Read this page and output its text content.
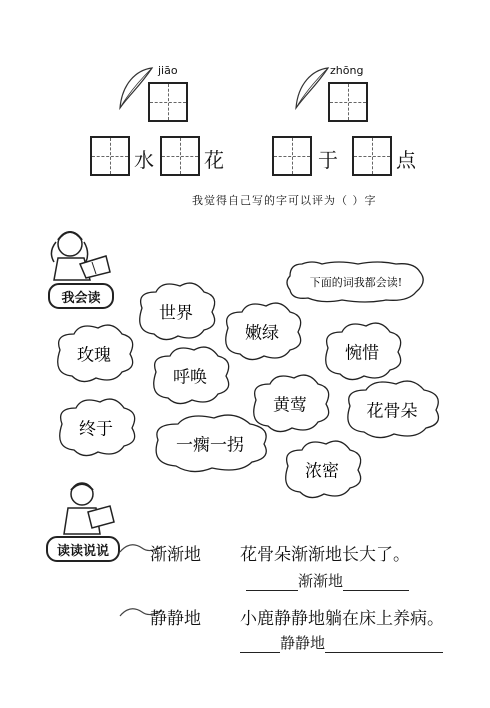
jiāo	zhōng
水	花	于	点
我觉得自己写的字可以评为（ ）字
我会读
下面的词我都会读!
世界
嫩绿
玫瑰
呼唤
惋惜
黄莺	花骨朵
终于
一瘸一拐
浓密
读读说说 渐渐地 花骨朵渐渐地长大了。
渐渐地
静静地 小鹿静静地躺在床上养病。
静静地
